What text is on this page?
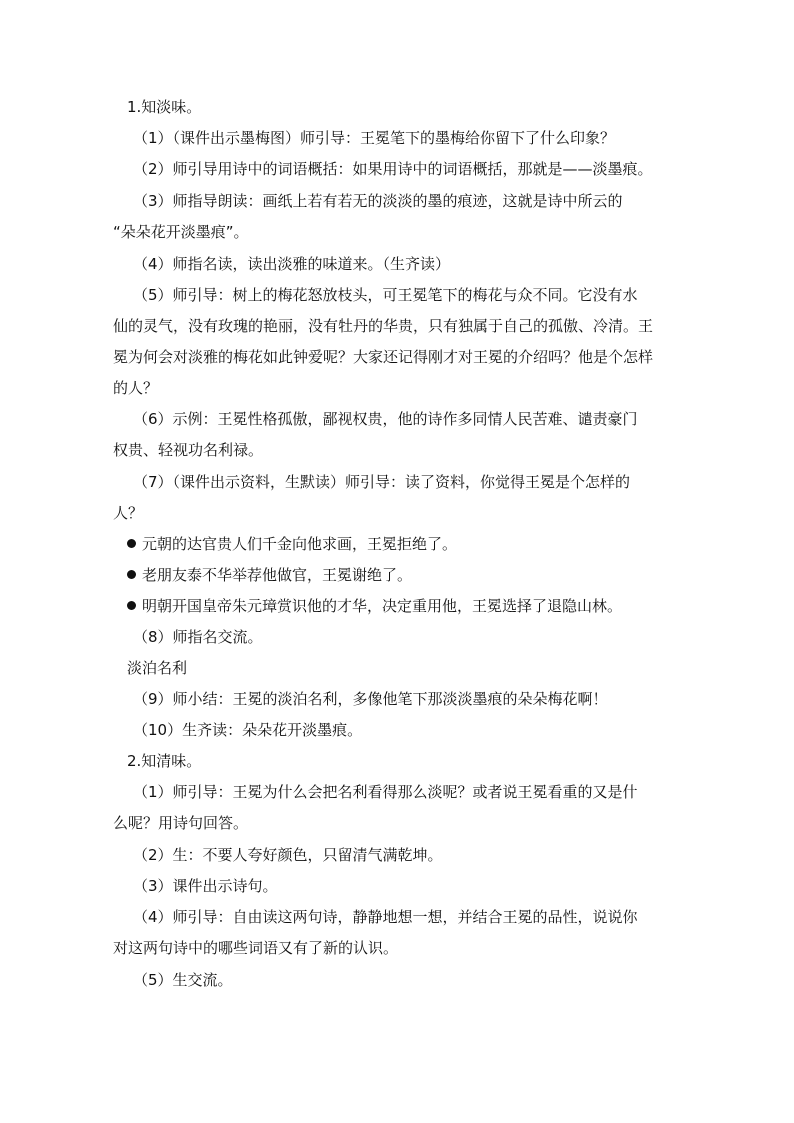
1.知淡味。
（1）（课件出示墨梅图）师引导：王冕笔下的墨梅给你留下了什么印象？
（2）师引导用诗中的词语概括：如果用诗中的词语概括，那就是——淡墨痕。
（3）师指导朗读：画纸上若有若无的淡淡的墨的痕迹，这就是诗中所云的
“朵朵花开淡墨痕”。
（4）师指名读，读出淡雅的味道来。（生齐读）
（5）师引导：树上的梅花怒放枝头，可王冕笔下的梅花与众不同。它没有水
仙的灵气，没有玫瑰的艳丽，没有牡丹的华贵，只有独属于自己的孤傲、冷清。王
冕为何会对淡雅的梅花如此钟爱呢？大家还记得刚才对王冕的介绍吗？他是个怎样
的人？
（6）示例：王冕性格孤傲，鄙视权贵，他的诗作多同情人民苦难、谴责豪门
权贵、轻视功名利禄。
（7）（课件出示资料，生默读）师引导：读了资料，你觉得王冕是个怎样的
人？
元朝的达官贵人们千金向他求画，王冕拒绝了。
老朋友泰不华举荐他做官，王冕谢绝了。
明朝开国皇帝朱元璋赏识他的才华，决定重用他，王冕选择了退隐山林。
（8）师指名交流。
淡泊名利
（9）师小结：王冕的淡泊名利，多像他笔下那淡淡墨痕的朵朵梅花啊！
（10）生齐读：朵朵花开淡墨痕。
2.知清味。
（1）师引导：王冕为什么会把名利看得那么淡呢？或者说王冕看重的又是什
么呢？用诗句回答。
（2）生：不要人夸好颜色，只留清气满乾坤。
（3）课件出示诗句。
（4）师引导：自由读这两句诗，静静地想一想，并结合王冕的品性，说说你
对这两句诗中的哪些词语又有了新的认识。
（5）生交流。
